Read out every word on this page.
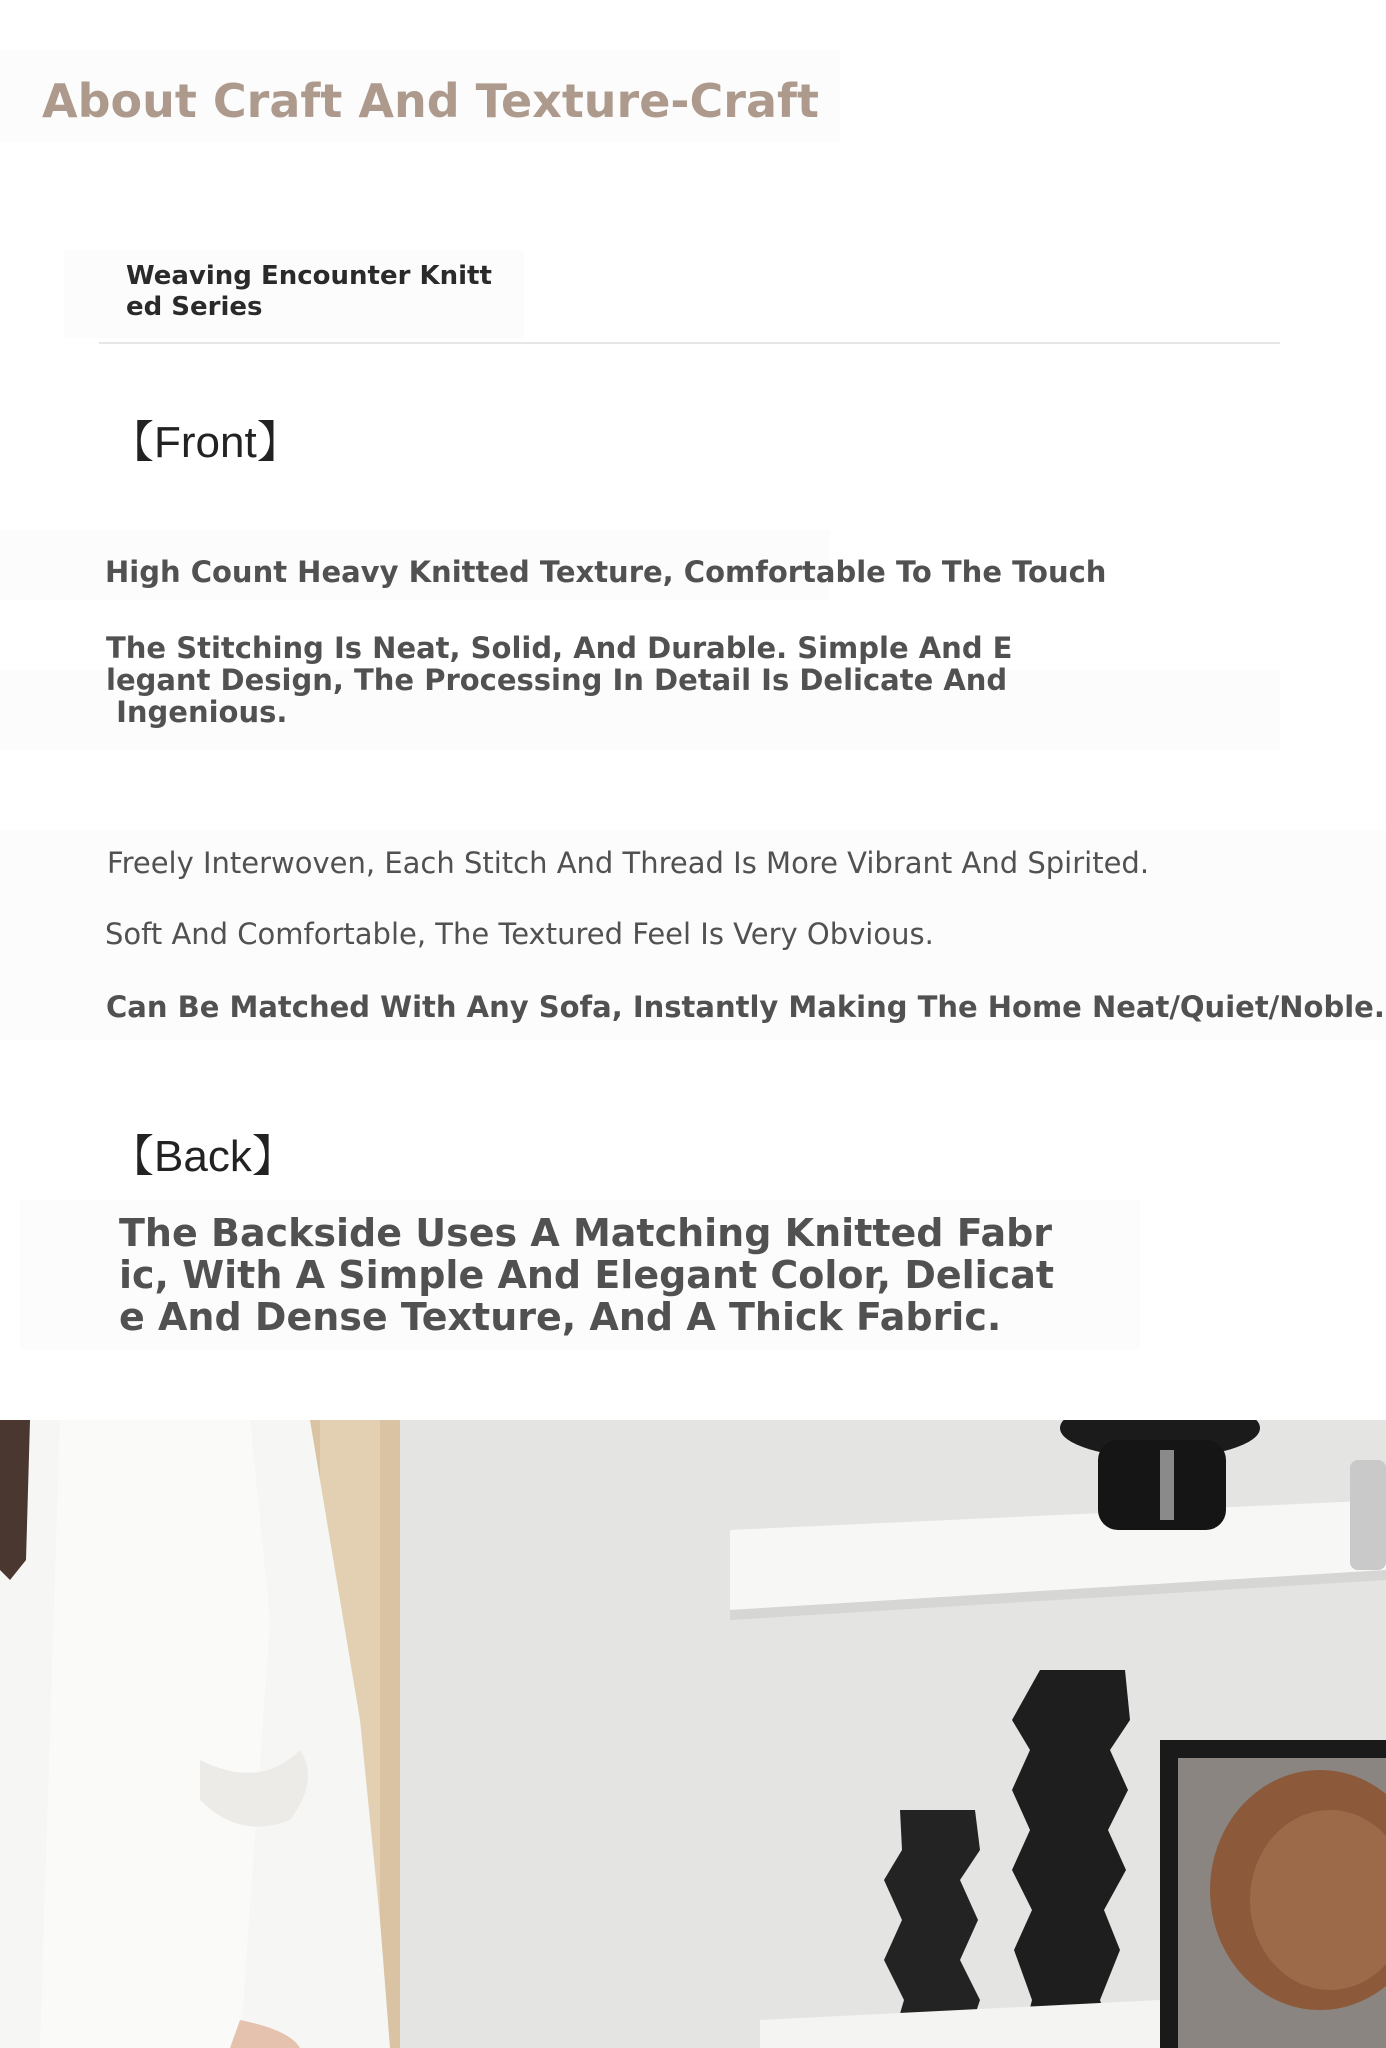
About Craft And Texture-Craft
Weaving Encounter Knitt
ed Series
【Front】
High Count Heavy Knitted Texture, Comfortable To The Touch
The Stitching Is Neat, Solid, And Durable. Simple And E
legant Design, The Processing In Detail Is Delicate And
Ingenious.
Freely Interwoven, Each Stitch And Thread Is More Vibrant And Spirited.
Soft And Comfortable, The Textured Feel Is Very Obvious.
Can Be Matched With Any Sofa, Instantly Making The Home Neat/Quiet/Noble.
【Back】
The Backside Uses A Matching Knitted Fabr
ic, With A Simple And Elegant Color, Delicat
e And Dense Texture, And A Thick Fabric.
